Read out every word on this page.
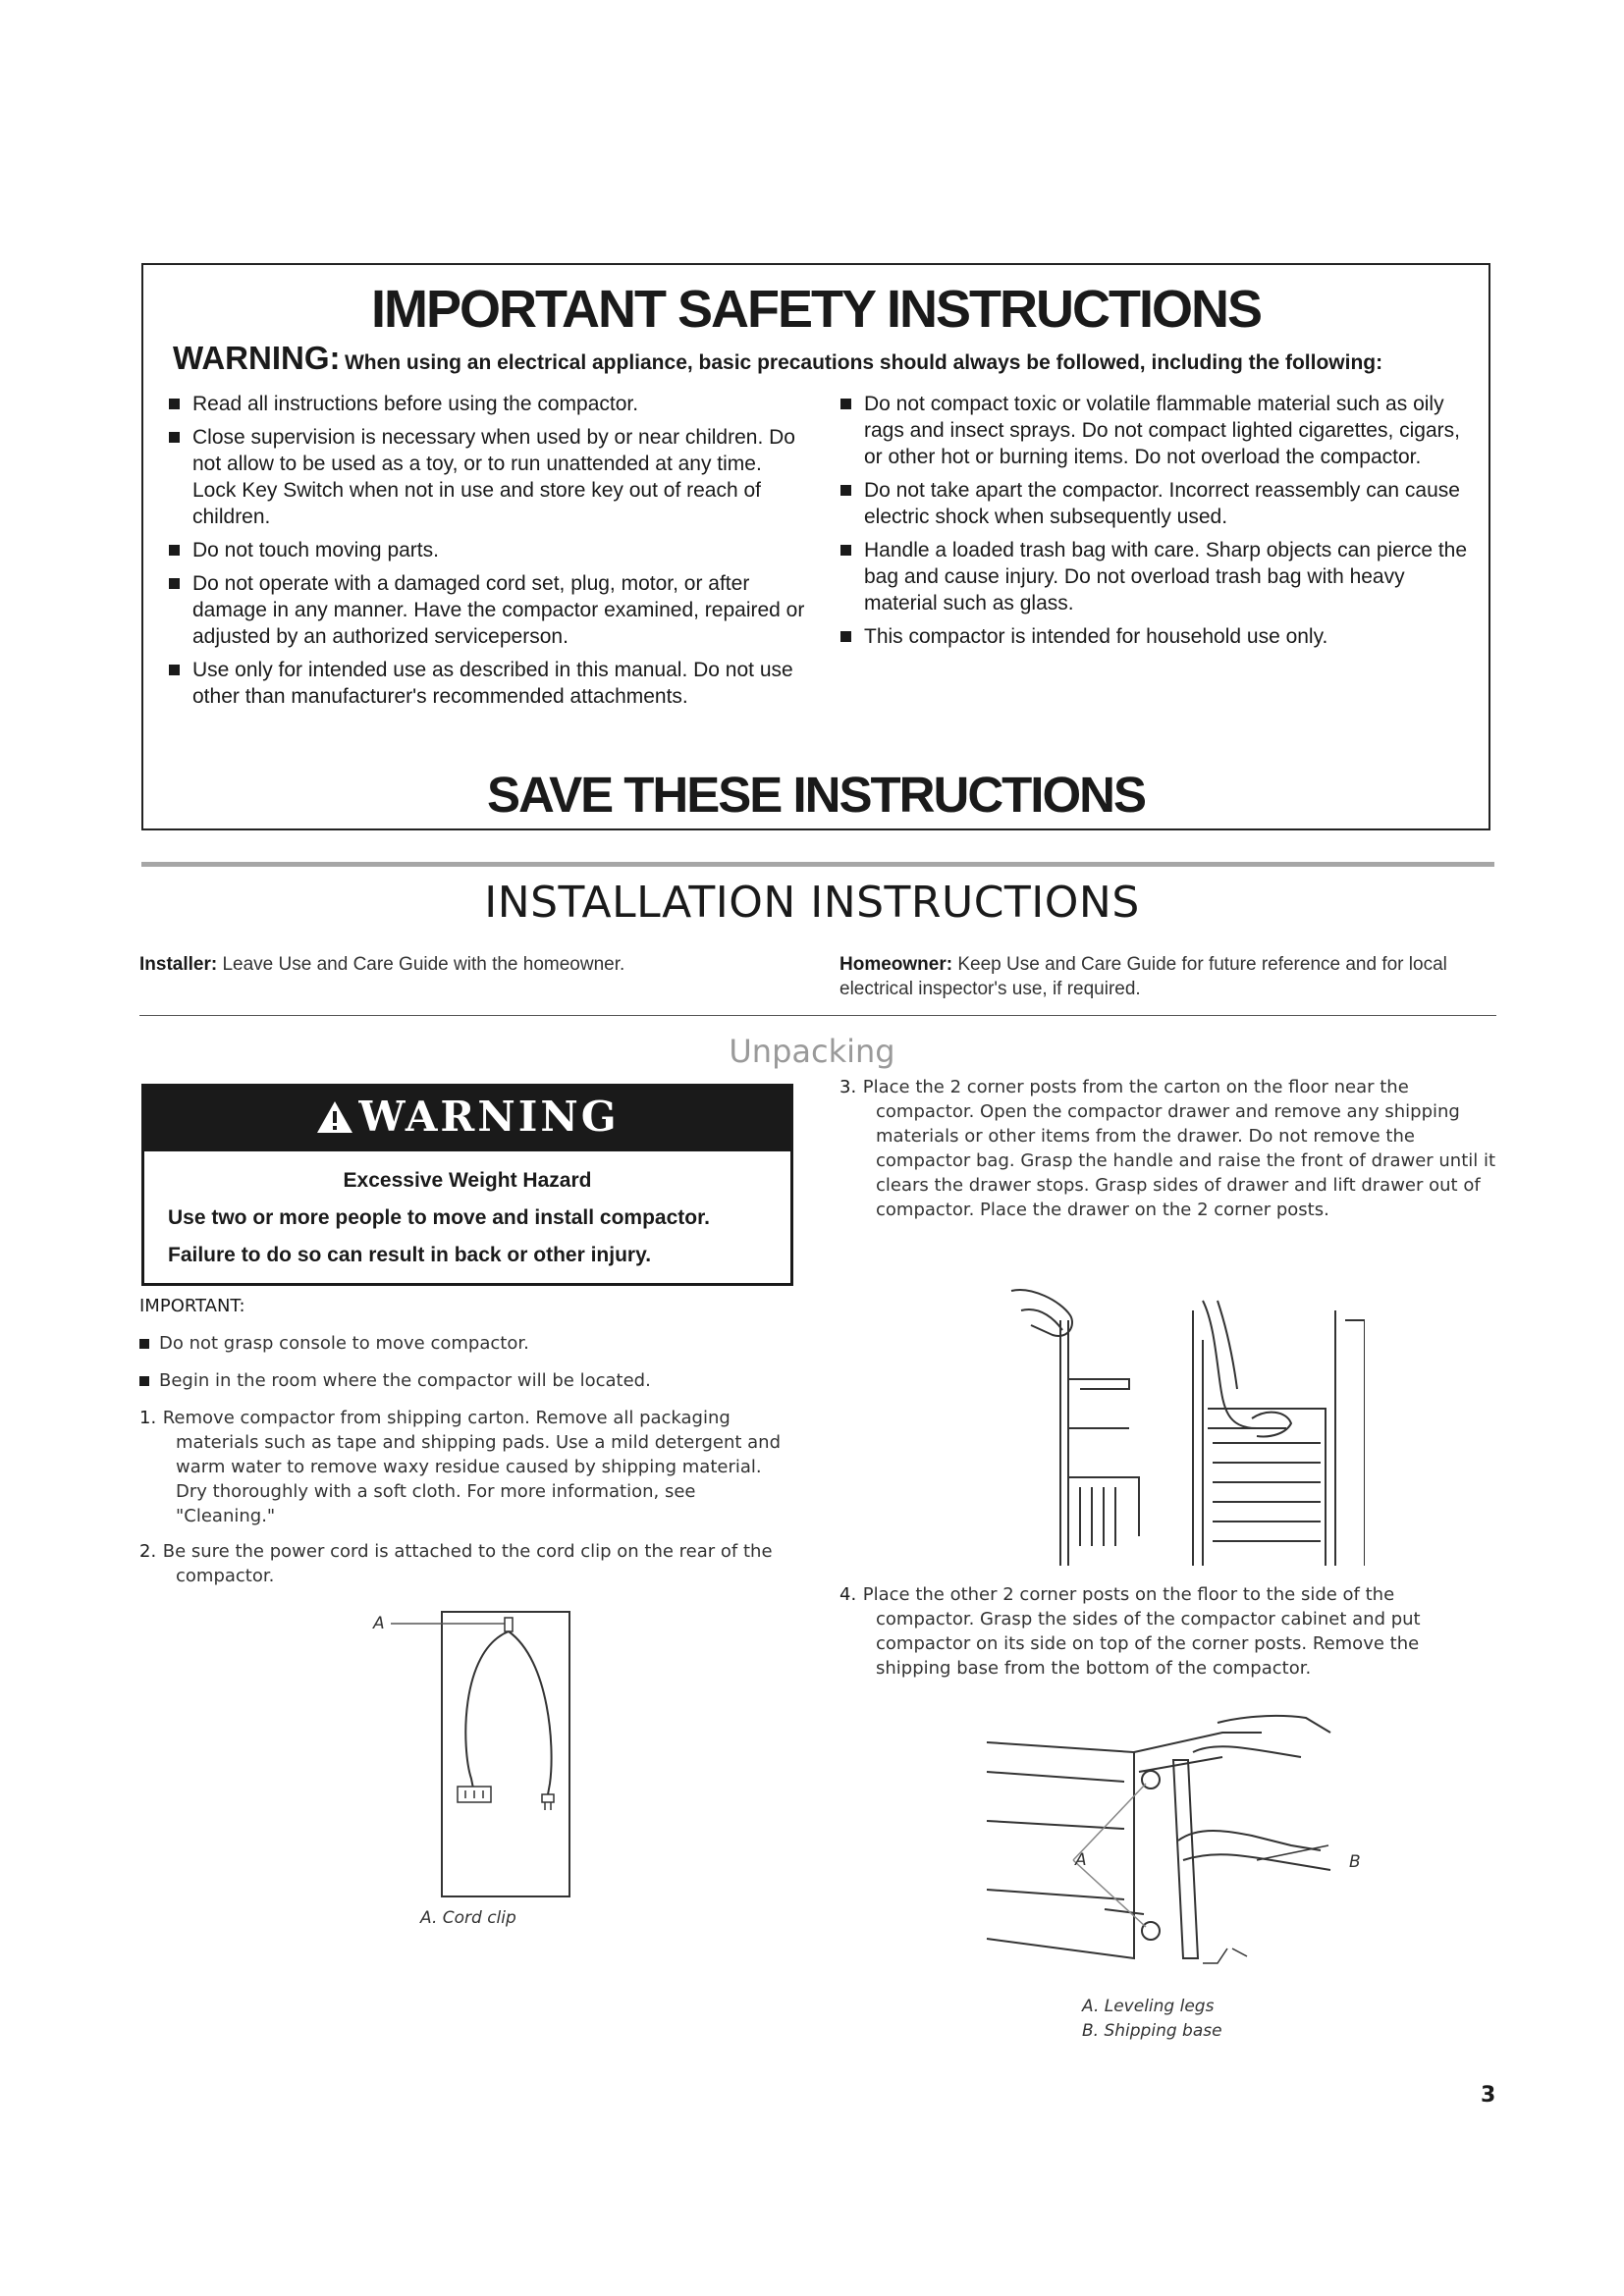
IMPORTANT SAFETY INSTRUCTIONS
WARNING: When using an electrical appliance, basic precautions should always be followed, including the following:
Read all instructions before using the compactor.
Close supervision is necessary when used by or near children. Do not allow to be used as a toy, or to run unattended at any time. Lock Key Switch when not in use and store key out of reach of children.
Do not touch moving parts.
Do not operate with a damaged cord set, plug, motor, or after damage in any manner. Have the compactor examined, repaired or adjusted by an authorized serviceperson.
Use only for intended use as described in this manual. Do not use other than manufacturer's recommended attachments.
Do not compact toxic or volatile flammable material such as oily rags and insect sprays. Do not compact lighted cigarettes, cigars, or other hot or burning items. Do not overload the compactor.
Do not take apart the compactor. Incorrect reassembly can cause electric shock when subsequently used.
Handle a loaded trash bag with care. Sharp objects can pierce the bag and cause injury. Do not overload trash bag with heavy material such as glass.
This compactor is intended for household use only.
SAVE THESE INSTRUCTIONS
INSTALLATION INSTRUCTIONS
Installer: Leave Use and Care Guide with the homeowner.	Homeowner: Keep Use and Care Guide for future reference and for local electrical inspector's use, if required.
Unpacking
WARNING
Excessive Weight Hazard
Use two or more people to move and install compactor.
Failure to do so can result in back or other injury.
IMPORTANT:
Do not grasp console to move compactor.
Begin in the room where the compactor will be located.
1. Remove compactor from shipping carton. Remove all packaging materials such as tape and shipping pads. Use a mild detergent and warm water to remove waxy residue caused by shipping material. Dry thoroughly with a soft cloth. For more information, see "Cleaning."
2. Be sure the power cord is attached to the cord clip on the rear of the compactor.
A
A. Cord clip
3. Place the 2 corner posts from the carton on the floor near the compactor. Open the compactor drawer and remove any shipping materials or other items from the drawer. Do not remove the compactor bag. Grasp the handle and raise the front of drawer until it clears the drawer stops. Grasp sides of drawer and lift drawer out of compactor. Place the drawer on the 2 corner posts.
4. Place the other 2 corner posts on the floor to the side of the compactor. Grasp the sides of the compactor cabinet and put compactor on its side on top of the corner posts. Remove the shipping base from the bottom of the compactor.
A	B
A. Leveling legs
B. Shipping base
3
